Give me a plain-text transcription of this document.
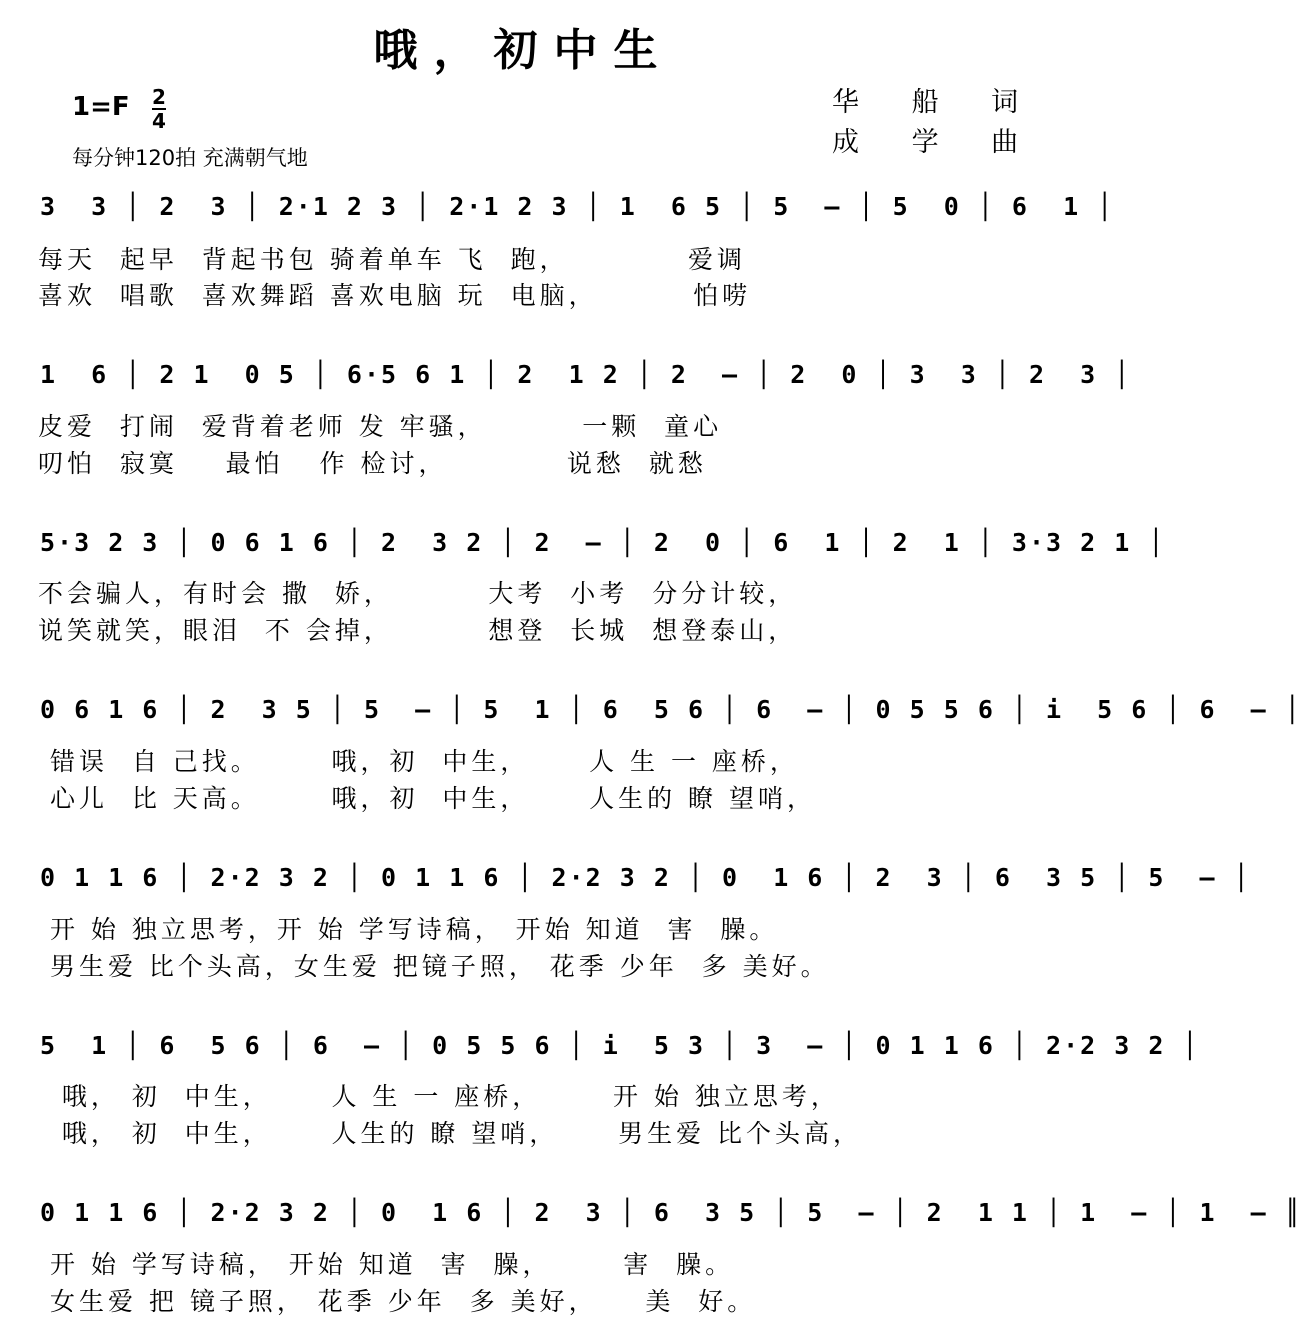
哦，初中生
1=F 2
4
每分钟120拍 充满朝气地
华 船 词
成 学 曲
3  3 │ 2  3 │ 2·1 2 3 │ 2·1 2 3 │ 1  6 5 │ 5  – │ 5  0 │ 6  1 │
每天  起早  背起书包 骑着单车 飞  跑，          爱调
喜欢  唱歌  喜欢舞蹈 喜欢电脑 玩  电脑，        怕唠
1  6 │ 2 1  0 5 │ 6·5 6 1 │ 2  1 2 │ 2  – │ 2  0 │ 3  3 │ 2  3 │
皮爱  打闹  爱背着老师 发 牢骚，        一颗  童心
叨怕  寂寞    最怕   作 检讨，          说愁  就愁
5·3 2 3 │ 0 6 1 6 │ 2  3 2 │ 2  – │ 2  0 │ 6  1 │ 2  1 │ 3·3 2 1 │
不会骗人，有时会 撒  娇，        大考  小考  分分计较，
说笑就笑，眼泪  不 会掉，        想登  长城  想登泰山，
0 6 1 6 │ 2  3 5 │ 5  – │ 5  1 │ 6  5 6 │ 6  – │ 0 5 5 6 │ i  5 6 │ 6  – │
错误  自 己找。      哦，初  中生，     人 生 一 座桥，
心儿  比 天高。      哦，初  中生，     人生的 瞭 望哨，
0 1 1 6 │ 2·2 3 2 │ 0 1 1 6 │ 2·2 3 2 │ 0  1 6 │ 2  3 │ 6  3 5 │ 5  – │
开 始 独立思考，开 始 学写诗稿， 开始 知道  害  臊。
男生爱 比个头高，女生爱 把镜子照， 花季 少年  多 美好。
5  1 │ 6  5 6 │ 6  – │ 0 5 5 6 │ i  5 3 │ 3  – │ 0 1 1 6 │ 2·2 3 2 │
哦， 初  中生，     人 生 一 座桥，      开 始 独立思考，
哦， 初  中生，     人生的 瞭 望哨，     男生爱 比个头高，
0 1 1 6 │ 2·2 3 2 │ 0  1 6 │ 2  3 │ 6  3 5 │ 5  – │ 2  1 1 │ 1  – │ 1  – ║
开 始 学写诗稿， 开始 知道  害  臊，      害  臊。
女生爱 把 镜子照， 花季 少年  多 美好，    美  好。
